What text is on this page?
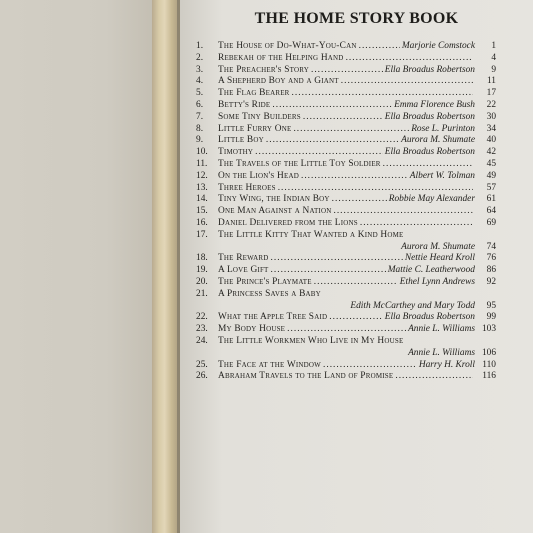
THE HOME STORY BOOK
1.	The House of Do-What-You-Can .....	Marjorie Comstock	1
2.	Rebekah of the Helping Hand .....	4
3.	The Preacher's Story .....	Ella Broadus Robertson	9
4.	A Shepherd Boy and a Giant .....	11
5.	The Flag Bearer .....	17
6.	Betty's Ride .....	Emma Florence Bush	22
7.	Some Tiny Builders .....	Ella Broadus Robertson	30
8.	Little Furry One .....	Rose L. Purinton	34
9.	Little Boy .....	Aurora M. Shumate	40
10.	Timothy .....	Ella Broadus Robertson	42
11.	The Travels of the Little Toy Soldier .....	45
12.	On the Lion's Head .....	Albert W. Tolman	49
13.	Three Heroes .....	57
14.	Tiny Wing, the Indian Boy .....	Robbie May Alexander	61
15.	One Man Against a Nation .....	64
16.	Daniel Delivered from the Lions .....	69
17.	The Little Kitty That Wanted a Kind Home
Aurora M. Shumate	74
18.	The Reward .....	Nettie Heard Kroll	76
19.	A Love Gift .....	Mattie C. Leatherwood	86
20.	The Prince's Playmate .....	Ethel Lynn Andrews	92
21.	A Princess Saves a Baby
Edith McCarthey and Mary Todd	95
22.	What the Apple Tree Said .....	Ella Broadus Robertson	99
23.	My Body House .....	Annie L. Williams 103
24.	The Little Workmen Who Live in My House
Annie L. Williams 106
25.	The Face at the Window .....	Harry H. Kroll 110
26.	Abraham Travels to the Land of Promise .....	116
